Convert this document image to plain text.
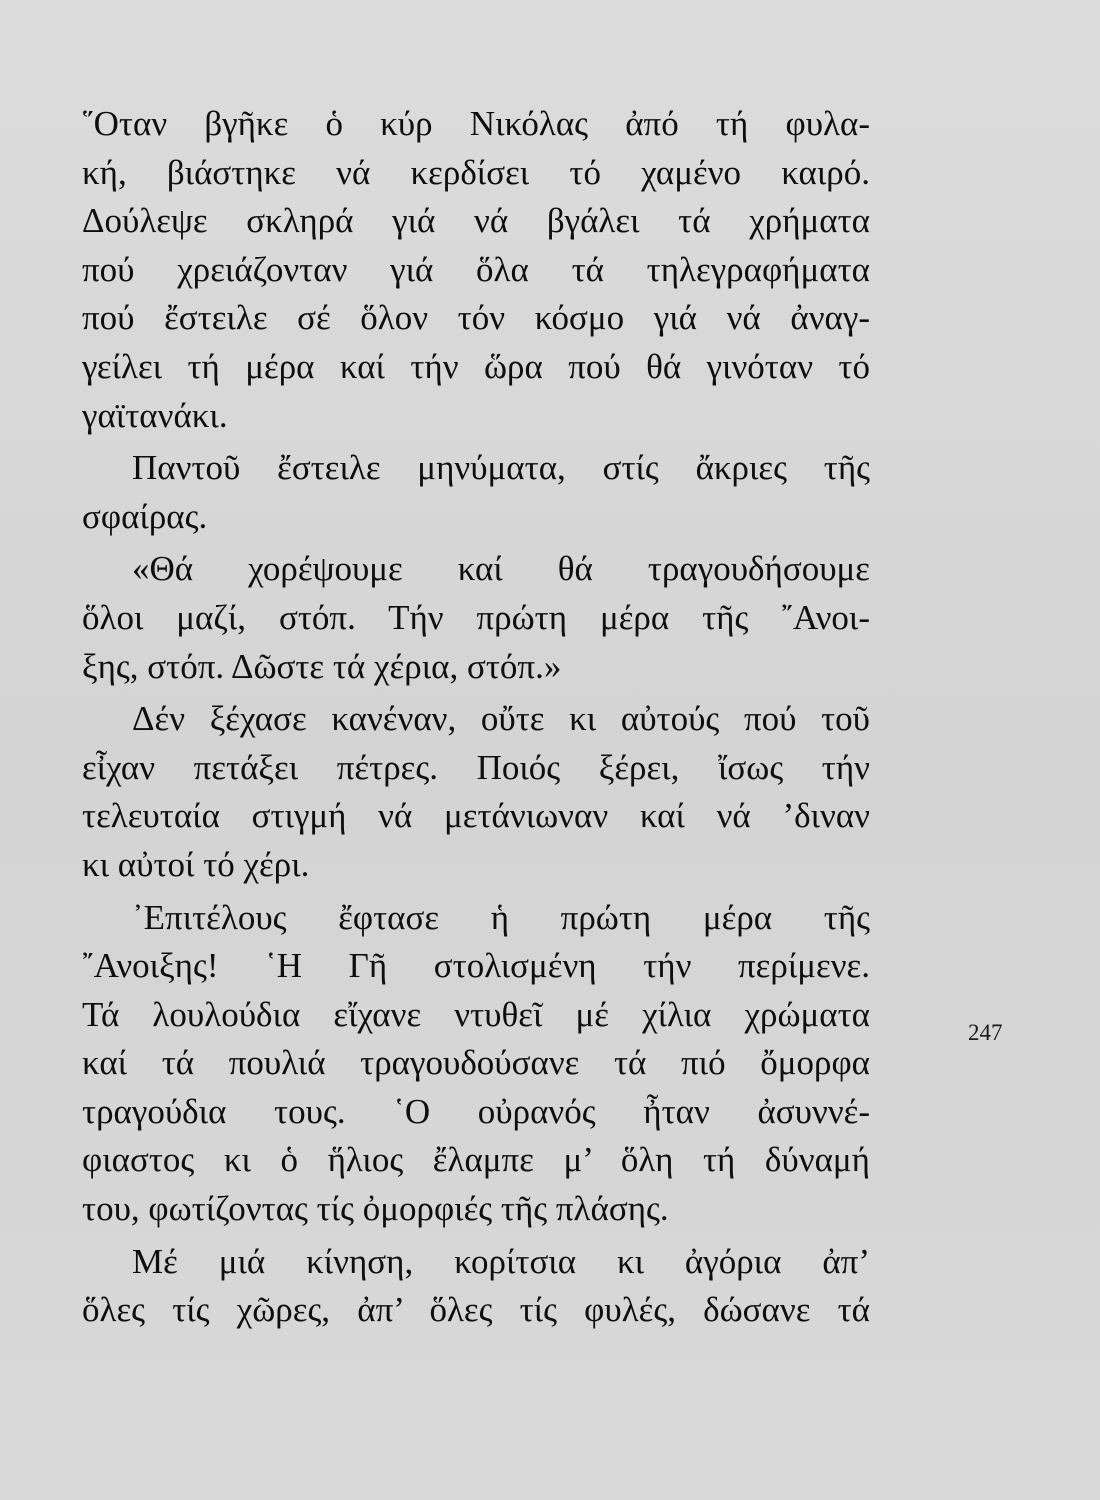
῞Οταν βγῆκε ὁ κύρ Νικόλας ἀπό τή φυλα-
κή, βιάστηκε νά κερδίσει τό χαμένο καιρό.
Δούλεψε σκληρά γιά νά βγάλει τά χρήματα
πού χρειάζονταν γιά ὅλα τά τηλεγραφήματα
πού ἔστειλε σέ ὅλον τόν κόσμο γιά νά ἀναγ-
γείλει τή μέρα καί τήν ὥρα πού θά γινόταν τό
γαϊτανάκι.
Παντοῦ ἔστειλε μηνύματα, στίς ἄκριες τῆς
σφαίρας.
«Θά χορέψουμε καί θά τραγουδήσουμε
ὅλοι μαζί, στόπ. Τήν πρώτη μέρα τῆς ῎Ανοι-
ξης, στόπ. Δῶστε τά χέρια, στόπ.»
Δέν ξέχασε κανέναν, οὔτε κι αὐτούς πού τοῦ
εἶχαν πετάξει πέτρες. Ποιός ξέρει, ἴσως τήν
τελευταία στιγμή νά μετάνιωναν καί νά ’διναν
κι αὐτοί τό χέρι.
᾿Επιτέλους ἔφτασε ἡ πρώτη μέρα τῆς
῎Ανοιξης! ῾Η Γῆ στολισμένη τήν περίμενε.
Τά λουλούδια εἴχανε ντυθεῖ μέ χίλια χρώματα
καί τά πουλιά τραγουδούσανε τά πιό ὄμορφα
τραγούδια τους. ῾Ο οὐρανός ἦταν ἀσυννέ-
φιαστος κι ὁ ἥλιος ἔλαμπε μ’ ὅλη τή δύναμή
του, φωτίζοντας τίς ὀμορφιές τῆς πλάσης.
Μέ μιά κίνηση, κορίτσια κι ἀγόρια ἀπ’
ὅλες τίς χῶρες, ἀπ’ ὅλες τίς φυλές, δώσανε τά
247
